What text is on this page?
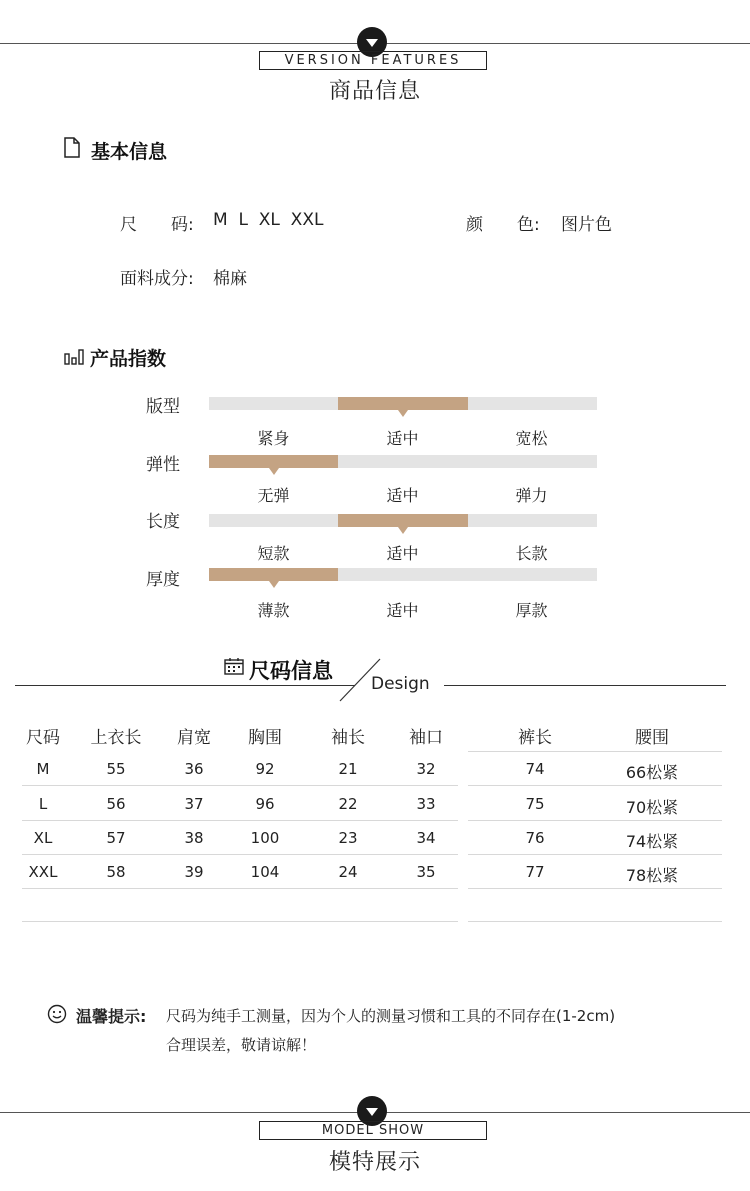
VERSION FEATURES
商品信息
基本信息
尺　　码: M  L  XL  XXL	颜　　色: 图片色
面料成分: 棉麻
产品指数
版型
紧身	适中	宽松
弹性
无弹	适中	弹力
长度
短款	适中	长款
厚度
薄款	适中	厚款
尺码信息
Design
尺码	上衣长	肩宽	胸围	袖长	袖口	裤长	腰围
M	55	36	92	21	32	74	66松紧
L	56	37	96	22	33	75	70松紧
XL	57	38	100	23	34	76	74松紧
XXL	58	39	104	24	35	77	78松紧
温馨提示: 尺码为纯手工测量，因为个人的测量习惯和工具的不同存在(1-2cm)
合理误差，敬请谅解！
MODEL SHOW
模特展示
